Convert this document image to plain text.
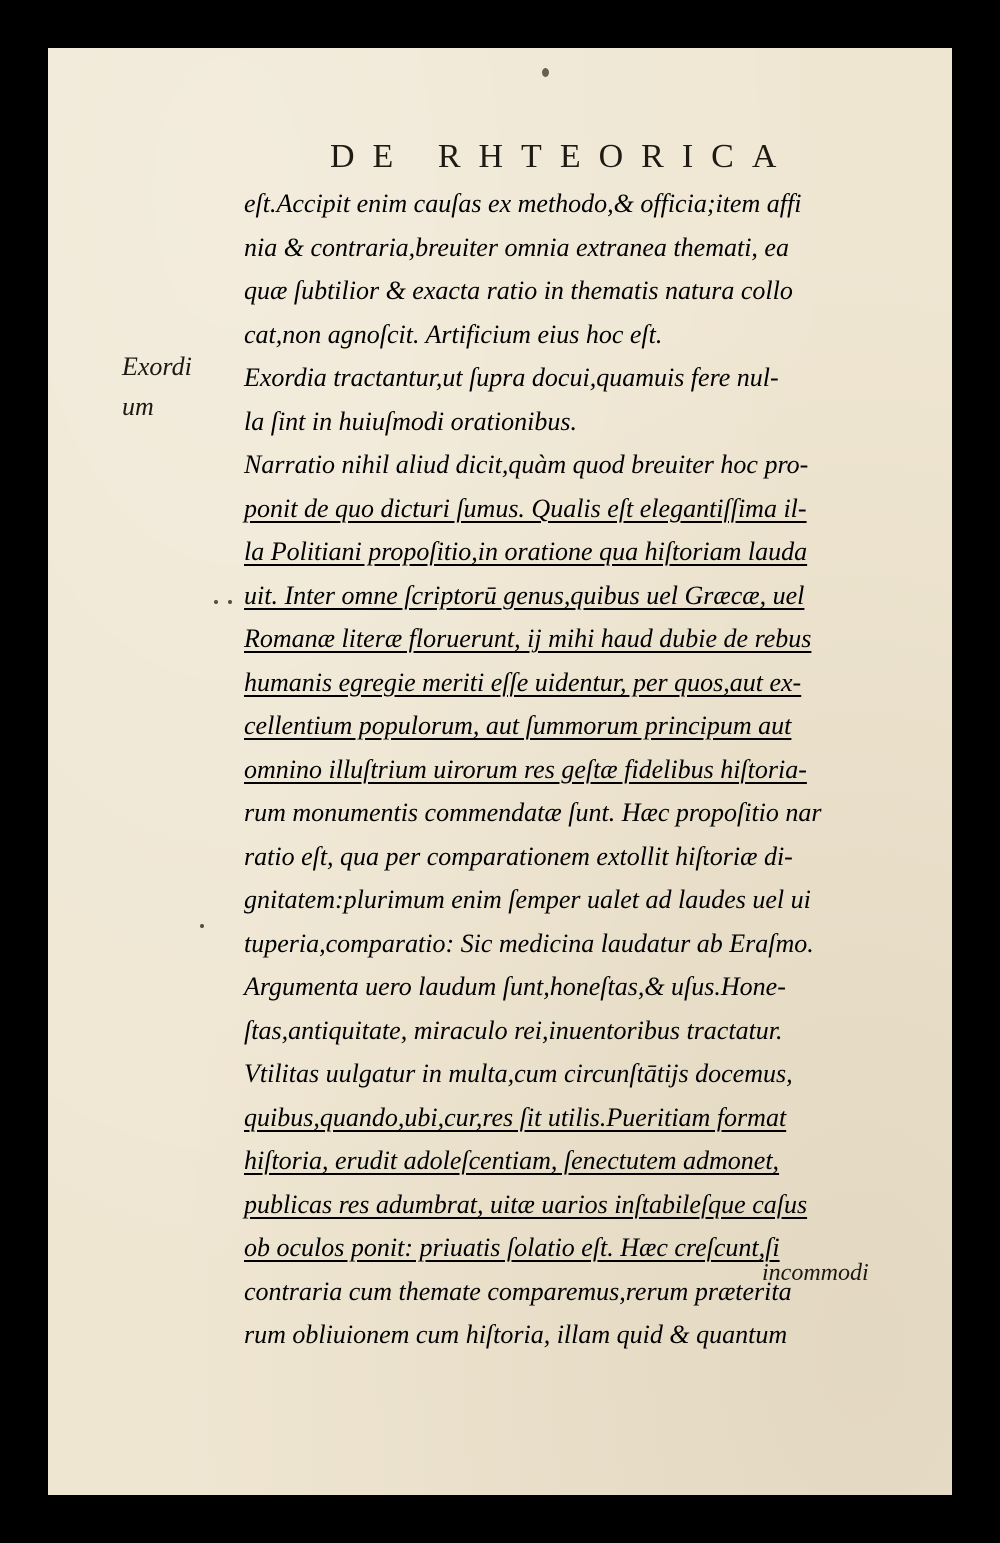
DE RHTEORICA
Exordi
um
eſt.Accipit enim cauſas ex methodo,& officia;item affi
nia & contraria,breuiter omnia extranea themati, ea
quæ ſubtilior & exacta ratio in thematis natura collo
cat,non agnoſcit. Artificium eius hoc eſt.
Exordia tractantur,ut ſupra docui,quamuis fere nul-
la ſint in huiuſmodi orationibus.
Narratio nihil aliud dicit,quàm quod breuiter hoc pro-
ponit de quo dicturi ſumus. Qualis eſt elegantiſſima il-
la Politiani propoſitio,in oratione qua hiſtoriam lauda
uit. Inter omne ſcriptorū genus,quibus uel Græcæ, uel
Romanæ literæ floruerunt, ij mihi haud dubie de rebus
humanis egregie meriti eſſe uidentur, per quos,aut ex-
cellentium populorum, aut ſummorum principum aut
omnino illuſtrium uirorum res geſtæ fidelibus hiſtoria-
rum monumentis commendatæ ſunt. Hæc propoſitio nar
ratio eſt, qua per comparationem extollit hiſtoriæ di-
gnitatem:plurimum enim ſemper ualet ad laudes uel ui
tuperia,comparatio: Sic medicina laudatur ab Eraſmo.
Argumenta uero laudum ſunt,honeſtas,& uſus.Hone-
ſtas,antiquitate, miraculo rei,inuentoribus tractatur.
Vtilitas uulgatur in multa,cum circunſtātijs docemus,
quibus,quando,ubi,cur,res ſit utilis.Pueritiam format
hiſtoria, erudit adoleſcentiam, ſenectutem admonet,
publicas res adumbrat, uitæ uarios inſtabileſque caſus
ob oculos ponit: priuatis ſolatio eſt. Hæc creſcunt,ſi
contraria cum themate comparemus,rerum præterita
rum obliuionem cum hiſtoria, illam quid & quantum
incommodi
